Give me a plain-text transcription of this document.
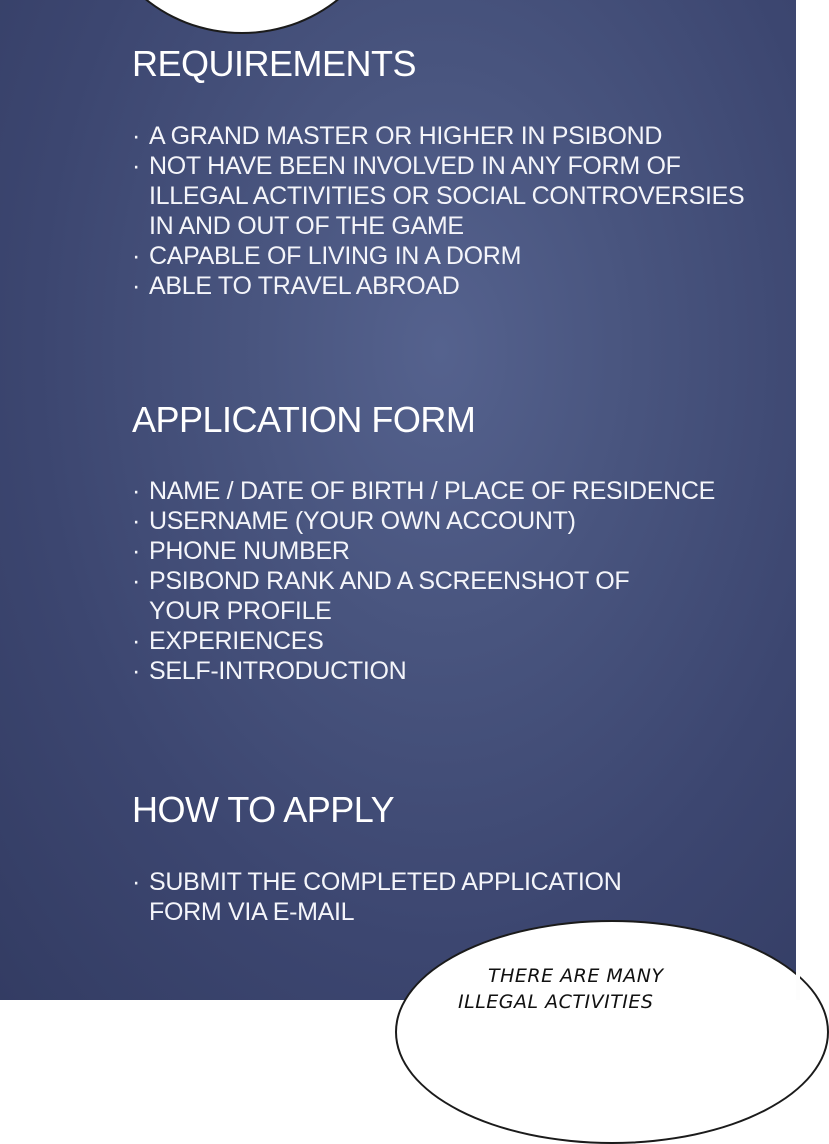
REQUIREMENTS
· A GRAND MASTER OR HIGHER IN PSIBOND
· NOT HAVE BEEN INVOLVED IN ANY FORM OF
ILLEGAL ACTIVITIES OR SOCIAL CONTROVERSIES
IN AND OUT OF THE GAME
· CAPABLE OF LIVING IN A DORM
· ABLE TO TRAVEL ABROAD
APPLICATION FORM
· NAME / DATE OF BIRTH / PLACE OF RESIDENCE
· USERNAME (YOUR OWN ACCOUNT)
· PHONE NUMBER
· PSIBOND RANK AND A SCREENSHOT OF
YOUR PROFILE
· EXPERIENCES
· SELF-INTRODUCTION
HOW TO APPLY
· SUBMIT THE COMPLETED APPLICATION
FORM VIA E-MAIL
THERE ARE MANY
